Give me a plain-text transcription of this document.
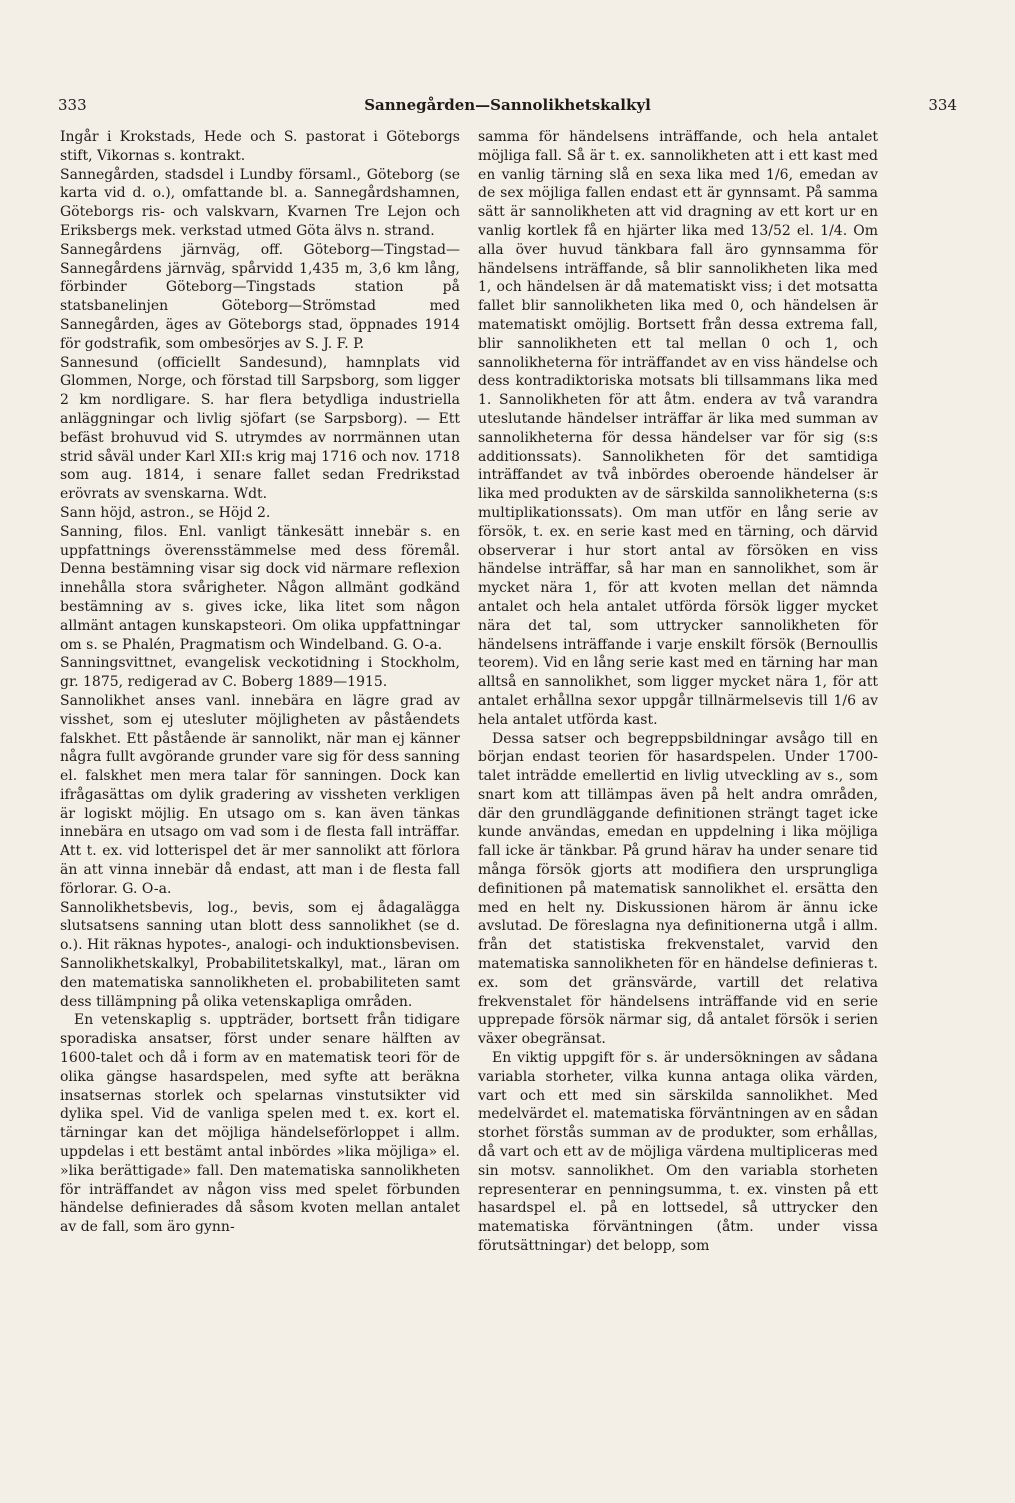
333	Sannegården—Sannolikhetskalkyl	334

Ingår i Krokstads, Hede och S. pastorat i Göteborgs stift, Vikornas s. kontrakt.

Sannegården, stadsdel i Lundby församl., Göteborg (se karta vid d. o.), omfattande bl. a. Sannegårdshamnen, Göteborgs ris- och valskvarn, Kvarnen Tre Lejon och Eriksbergs mek. verkstad utmed Göta älvs n. strand.

Sannegårdens järnväg, off. Göteborg—Tingstad—Sannegårdens järnväg, spårvidd 1,435 m, 3,6 km lång, förbinder Göteborg—Tingstads station på statsbanelinjen Göteborg—Strömstad med Sannegården, äges av Göteborgs stad, öppnades 1914 för godstrafik, som ombesörjes av S. J. F. P.

Sannesund (officiellt Sandesund), hamnplats vid Glommen, Norge, och förstad till Sarpsborg, som ligger 2 km nordligare. S. har flera betydliga industriella anläggningar och livlig sjöfart (se Sarpsborg). — Ett befäst brohuvud vid S. utrymdes av norrmännen utan strid såväl under Karl XII:s krig maj 1716 och nov. 1718 som aug. 1814, i senare fallet sedan Fredrikstad erövrats av svenskarna. Wdt.

Sann höjd, astron., se Höjd 2.

Sanning, filos. Enl. vanligt tänkesätt innebär s. en uppfattnings överensstämmelse med dess föremål. Denna bestämning visar sig dock vid närmare reflexion innehålla stora svårigheter. Någon allmänt godkänd bestämning av s. gives icke, lika litet som någon allmänt antagen kunskapsteori. Om olika uppfattningar om s. se Phalén, Pragmatism och Windelband. G. O-a.

Sanningsvittnet, evangelisk veckotidning i Stockholm, gr. 1875, redigerad av C. Boberg 1889—1915.

Sannolikhet anses vanl. innebära en lägre grad av visshet, som ej utesluter möjligheten av påståendets falskhet. Ett påstående är sannolikt, när man ej känner några fullt avgörande grunder vare sig för dess sanning el. falskhet men mera talar för sanningen. Dock kan ifrågasättas om dylik gradering av vissheten verkligen är logiskt möjlig. En utsago om s. kan även tänkas innebära en utsago om vad som i de flesta fall inträffar. Att t. ex. vid lotterispel det är mer sannolikt att förlora än att vinna innebär då endast, att man i de flesta fall förlorar. G. O-a.

Sannolikhetsbevis, log., bevis, som ej ådagalägga slutsatsens sanning utan blott dess sannolikhet (se d. o.). Hit räknas hypotes-, analogi- och induktionsbevisen.

Sannolikhetskalkyl, Probabilitetskalkyl, mat., läran om den matematiska sannolikheten el. probabiliteten samt dess tillämpning på olika vetenskapliga områden.

En vetenskaplig s. uppträder, bortsett från tidigare sporadiska ansatser, först under senare hälften av 1600-talet och då i form av en matematisk teori för de olika gängse hasardspelen, med syfte att beräkna insatsernas storlek och spelarnas vinstutsikter vid dylika spel. Vid de vanliga spelen med t. ex. kort el. tärningar kan det möjliga händelseförloppet i allm. uppdelas i ett bestämt antal inbördes »lika möjliga» el. »lika berättigade» fall. Den matematiska sannolikheten för inträffandet av någon viss med spelet förbunden händelse definierades då såsom kvoten mellan antalet av de fall, som äro gynn-

samma för händelsens inträffande, och hela antalet möjliga fall. Så är t. ex. sannolikheten att i ett kast med en vanlig tärning slå en sexa lika med 1/6, emedan av de sex möjliga fallen endast ett är gynnsamt. På samma sätt är sannolikheten att vid dragning av ett kort ur en vanlig kortlek få en hjärter lika med 13/52 el. 1/4. Om alla över huvud tänkbara fall äro gynnsamma för händelsens inträffande, så blir sannolikheten lika med 1, och händelsen är då matematiskt viss; i det motsatta fallet blir sannolikheten lika med 0, och händelsen är matematiskt omöjlig. Bortsett från dessa extrema fall, blir sannolikheten ett tal mellan 0 och 1, och sannolikheterna för inträffandet av en viss händelse och dess kontradiktoriska motsats bli tillsammans lika med 1. Sannolikheten för att åtm. endera av två varandra uteslutande händelser inträffar är lika med summan av sannolikheterna för dessa händelser var för sig (s:s additionssats). Sannolikheten för det samtidiga inträffandet av två inbördes oberoende händelser är lika med produkten av de särskilda sannolikheterna (s:s multiplikationssats). Om man utför en lång serie av försök, t. ex. en serie kast med en tärning, och därvid observerar i hur stort antal av försöken en viss händelse inträffar, så har man en sannolikhet, som är mycket nära 1, för att kvoten mellan det nämnda antalet och hela antalet utförda försök ligger mycket nära det tal, som uttrycker sannolikheten för händelsens inträffande i varje enskilt försök (Bernoullis teorem). Vid en lång serie kast med en tärning har man alltså en sannolikhet, som ligger mycket nära 1, för att antalet erhållna sexor uppgår tillnärmelsevis till 1/6 av hela antalet utförda kast.

Dessa satser och begreppsbildningar avsågo till en början endast teorien för hasardspelen. Under 1700-talet inträdde emellertid en livlig utveckling av s., som snart kom att tillämpas även på helt andra områden, där den grundläggande definitionen strängt taget icke kunde användas, emedan en uppdelning i lika möjliga fall icke är tänkbar. På grund härav ha under senare tid många försök gjorts att modifiera den ursprungliga definitionen på matematisk sannolikhet el. ersätta den med en helt ny. Diskussionen härom är ännu icke avslutad. De föreslagna nya definitionerna utgå i allm. från det statistiska frekvenstalet, varvid den matematiska sannolikheten för en händelse definieras t. ex. som det gränsvärde, vartill det relativa frekvenstalet för händelsens inträffande vid en serie upprepade försök närmar sig, då antalet försök i serien växer obegränsat.

En viktig uppgift för s. är undersökningen av sådana variabla storheter, vilka kunna antaga olika värden, vart och ett med sin särskilda sannolikhet. Med medelvärdet el. matematiska förväntningen av en sådan storhet förstås summan av de produkter, som erhållas, då vart och ett av de möjliga värdena multipliceras med sin motsv. sannolikhet. Om den variabla storheten representerar en penningsumma, t. ex. vinsten på ett hasardspel el. på en lottsedel, så uttrycker den matematiska förväntningen (åtm. under vissa förutsättningar) det belopp, som
